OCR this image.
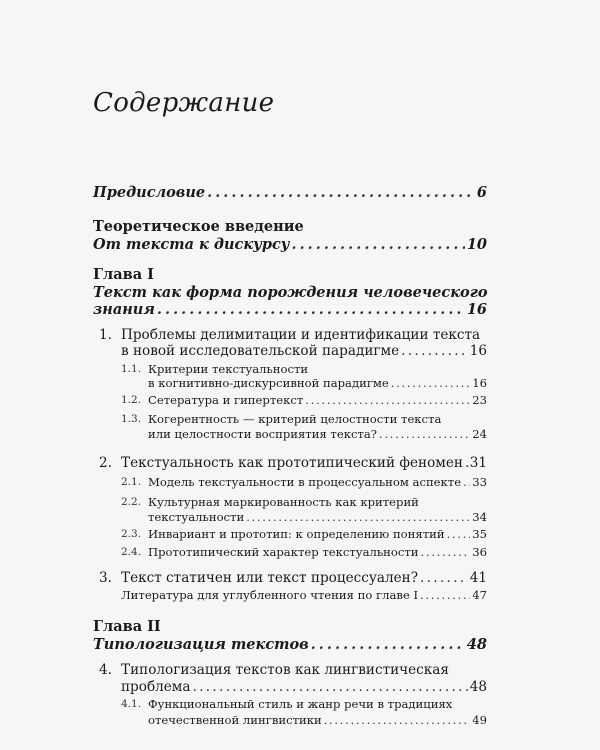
Содержание
Предисловие . . .	6
Теоретическое введение
От текста к дискурсу . . .	10
Глава I
Текст как форма порождения человеческого
знания . . .	16
1. Проблемы делимитации и идентификации текста
в новой исследовательской парадигме . . .	16
1.1. Критерии текстуальности
в когнитивно-дискурсивной парадигме . . .	16
1.2. Сетература и гипертекст . . .	23
1.3. Когерентность — критерий целостности текста
или целостности восприятия текста? . . .	24
2. Текстуальность как прототипический феномен . . . 31
2.1. Модель текстуальности в процессуальном аспекте . . . 33
2.2. Культурная маркированность как критерий
текстуальности . . .	34
2.3. Инвариант и прототип: к определению понятий . . . 35
2.4. Прототипический характер текстуальности . . .	36
3. Текст статичен или текст процессуален? . . .	41
Литература для углубленного чтения по главе I . . .	47
Глава II
Типологизация текстов . . .	48
4. Типологизация текстов как лингвистическая
проблема . . .	48
4.1. Функциональный стиль и жанр речи в традициях
отечественной лингвистики . . .	49
